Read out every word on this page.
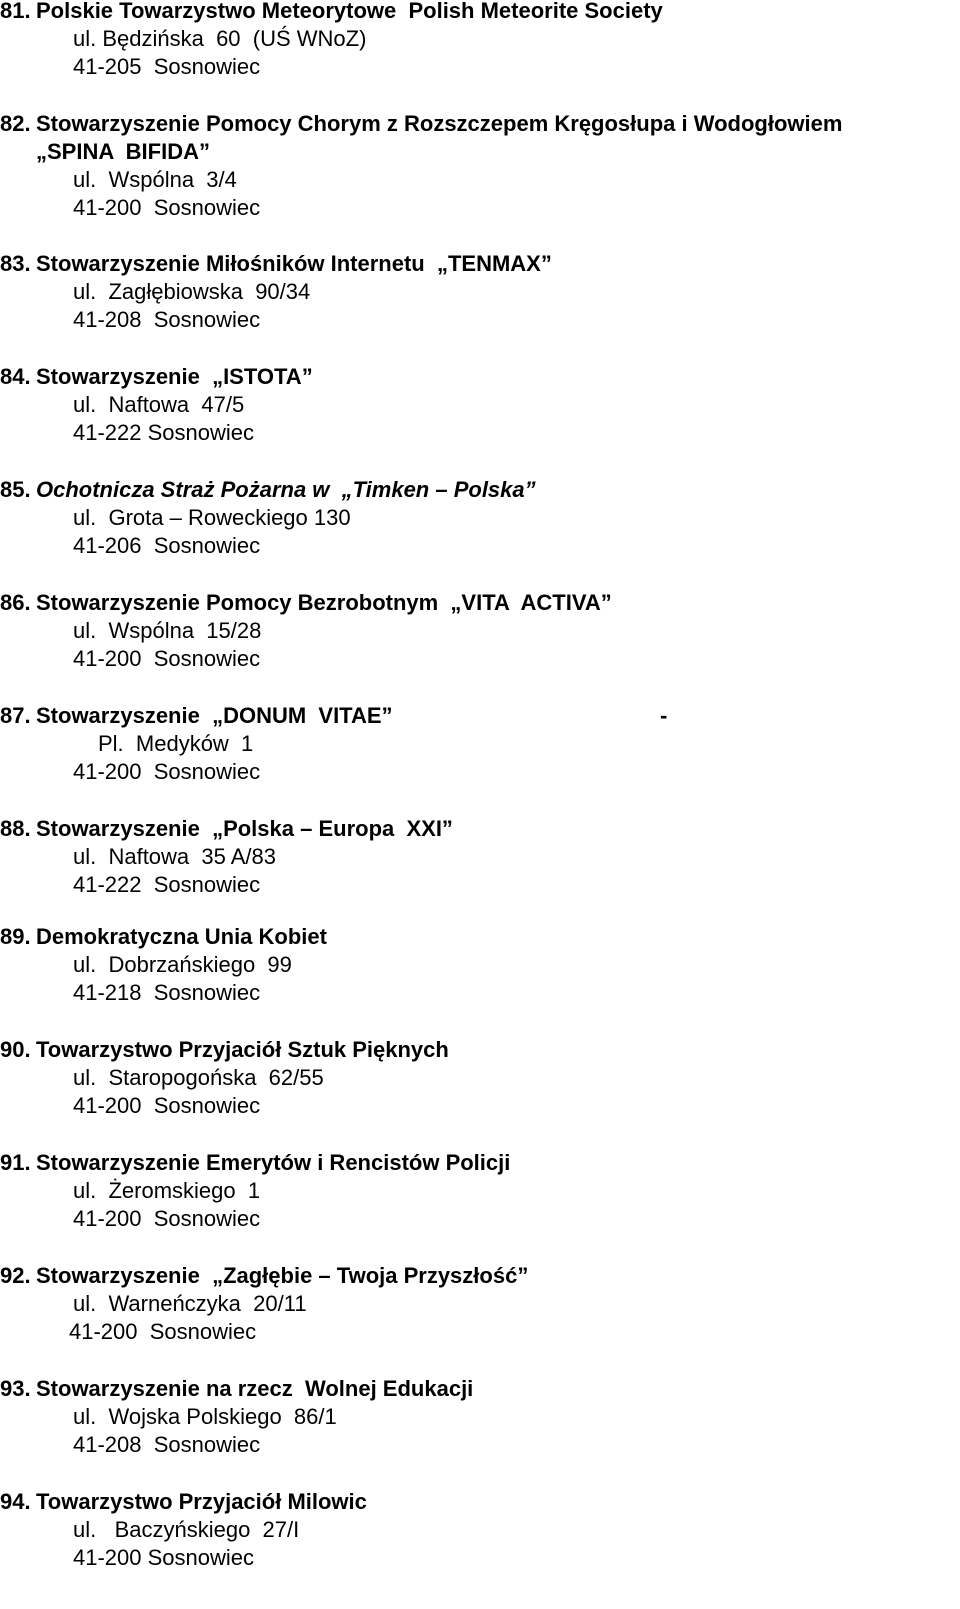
81. Polskie Towarzystwo Meteorytowe  Polish Meteorite Society
ul. Będzińska  60  (UŚ WNoZ)
41-205  Sosnowiec
82. Stowarzyszenie Pomocy Chorym z Rozszczepem Kręgosłupa i Wodogłowiem
„SPINA  BIFIDA”
ul.  Wspólna  3/4
41-200  Sosnowiec
83. Stowarzyszenie Miłośników Internetu  „TENMAX”
ul.  Zagłębiowska  90/34
41-208  Sosnowiec
84. Stowarzyszenie  „ISTOTA”
ul.  Naftowa  47/5
41-222 Sosnowiec
85. Ochotnicza Straż Pożarna w  „Timken – Polska”
ul.  Grota – Roweckiego 130
41-206  Sosnowiec
86. Stowarzyszenie Pomocy Bezrobotnym  „VITA  ACTIVA”
ul.  Wspólna  15/28
41-200  Sosnowiec
87. Stowarzyszenie  „DONUM  VITAE”	-
Pl.  Medyków  1
41-200  Sosnowiec
88. Stowarzyszenie  „Polska – Europa  XXI”
ul.  Naftowa  35 A/83
41-222  Sosnowiec
89. Demokratyczna Unia Kobiet
ul.  Dobrzańskiego  99
41-218  Sosnowiec
90. Towarzystwo Przyjaciół Sztuk Pięknych
ul.  Staropogońska  62/55
41-200  Sosnowiec
91. Stowarzyszenie Emerytów i Rencistów Policji
ul.  Żeromskiego  1
41-200  Sosnowiec
92. Stowarzyszenie  „Zagłębie – Twoja Przyszłość”
ul.  Warneńczyka  20/11
41-200  Sosnowiec
93. Stowarzyszenie na rzecz  Wolnej Edukacji
ul.  Wojska Polskiego  86/1
41-208  Sosnowiec
94. Towarzystwo Przyjaciół Milowic
ul.   Baczyńskiego  27/I
41-200 Sosnowiec
